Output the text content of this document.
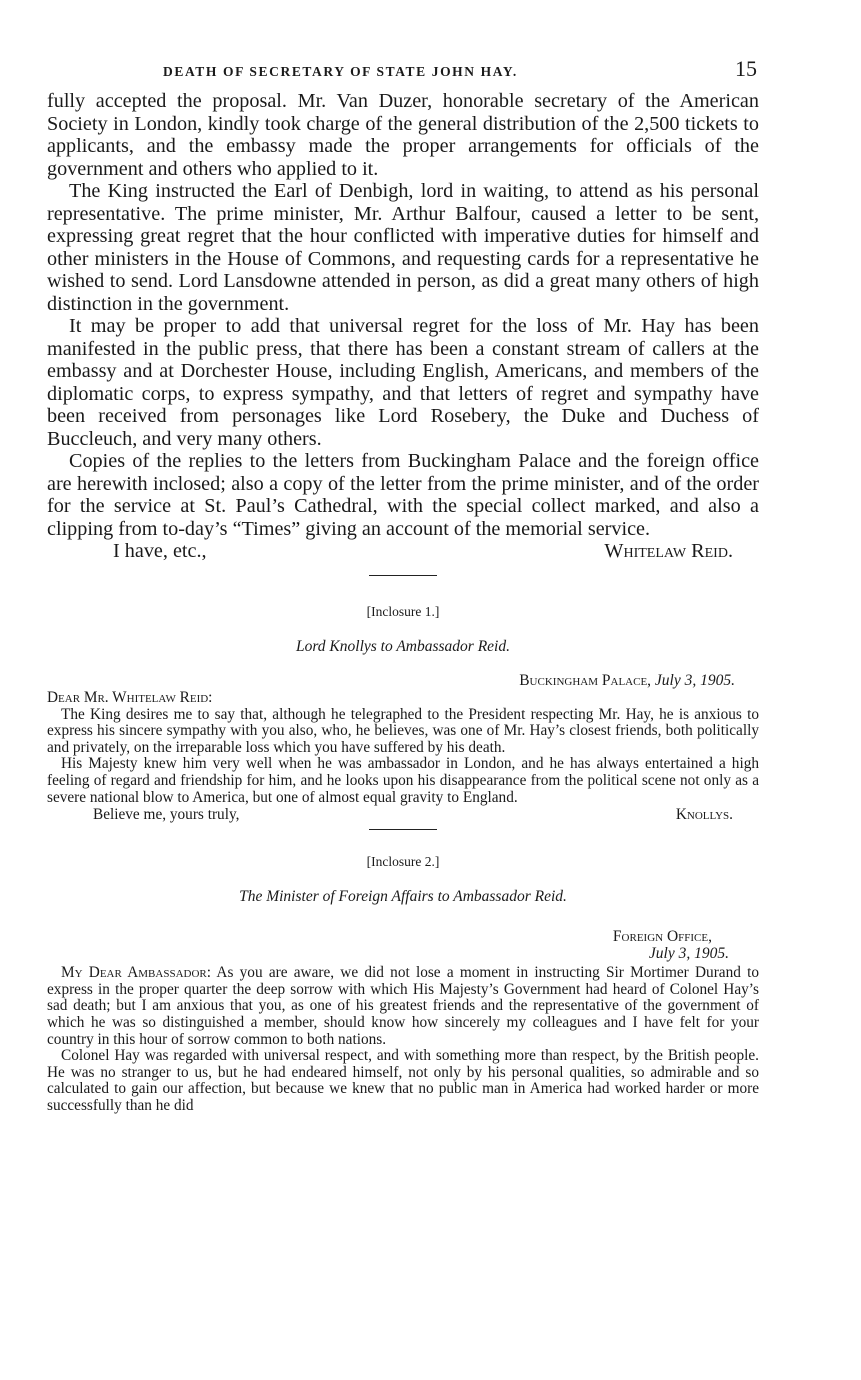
DEATH OF SECRETARY OF STATE JOHN HAY.	15

fully accepted the proposal. Mr. Van Duzer, honorable secretary of the American Society in London, kindly took charge of the general distribution of the 2,500 tickets to applicants, and the embassy made the proper arrangements for officials of the government and others who applied to it.

The King instructed the Earl of Denbigh, lord in waiting, to attend as his personal representative. The prime minister, Mr. Arthur Balfour, caused a letter to be sent, expressing great regret that the hour conflicted with imperative duties for himself and other ministers in the House of Commons, and requesting cards for a representative he wished to send. Lord Lansdowne attended in person, as did a great many others of high distinction in the government.

It may be proper to add that universal regret for the loss of Mr. Hay has been manifested in the public press, that there has been a constant stream of callers at the embassy and at Dorchester House, including English, Americans, and members of the diplomatic corps, to express sympathy, and that letters of regret and sympathy have been received from personages like Lord Rosebery, the Duke and Duchess of Buccleuch, and very many others.

Copies of the replies to the letters from Buckingham Palace and the foreign office are herewith inclosed; also a copy of the letter from the prime minister, and of the order for the service at St. Paul’s Cathedral, with the special collect marked, and also a clipping from to-day’s “Times” giving an account of the memorial service.

I have, etc.,	Whitelaw Reid.

[Inclosure 1.]

Lord Knollys to Ambassador Reid.

Buckingham Palace, July 3, 1905.

Dear Mr. Whitelaw Reid:

The King desires me to say that, although he telegraphed to the President respecting Mr. Hay, he is anxious to express his sincere sympathy with you also, who, he believes, was one of Mr. Hay’s closest friends, both politically and privately, on the irreparable loss which you have suffered by his death.

His Majesty knew him very well when he was ambassador in London, and he has always entertained a high feeling of regard and friendship for him, and he looks upon his disappearance from the political scene not only as a severe national blow to America, but one of almost equal gravity to England.

Believe me, yours truly,	Knollys.

[Inclosure 2.]

The Minister of Foreign Affairs to Ambassador Reid.

Foreign Office,
July 3, 1905.

My Dear Ambassador: As you are aware, we did not lose a moment in instructing Sir Mortimer Durand to express in the proper quarter the deep sorrow with which His Majesty’s Government had heard of Colonel Hay’s sad death; but I am anxious that you, as one of his greatest friends and the representative of the government of which he was so distinguished a member, should know how sincerely my colleagues and I have felt for your country in this hour of sorrow common to both nations.

Colonel Hay was regarded with universal respect, and with something more than respect, by the British people. He was no stranger to us, but he had endeared himself, not only by his personal qualities, so admirable and so calculated to gain our affection, but because we knew that no public man in America had worked harder or more successfully than he did
